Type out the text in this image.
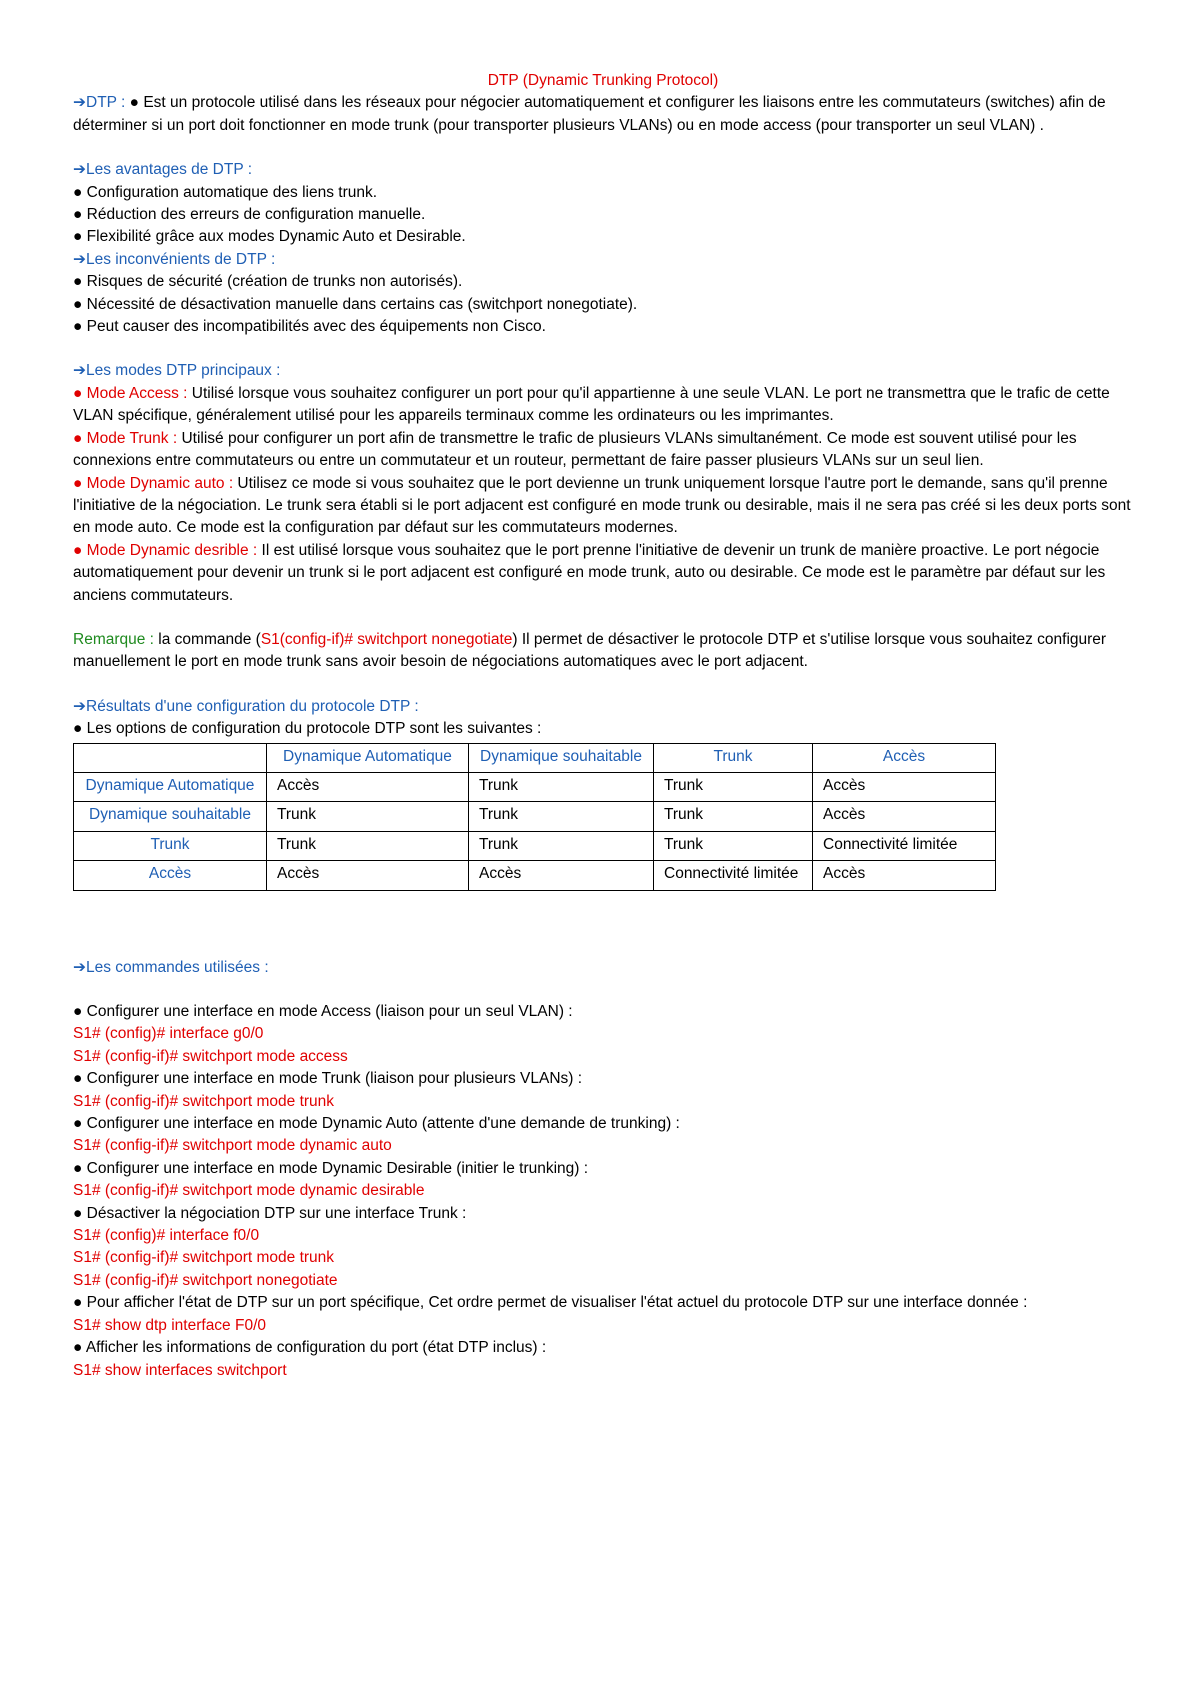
DTP (Dynamic Trunking Protocol)
➔DTP : ● Est un protocole utilisé dans les réseaux pour négocier automatiquement et configurer les liaisons entre les commutateurs (switches) afin de déterminer si un port doit fonctionner en mode trunk (pour transporter plusieurs VLANs) ou en mode access (pour transporter un seul VLAN) .
➔Les avantages de DTP :
● Configuration automatique des liens trunk.
● Réduction des erreurs de configuration manuelle.
● Flexibilité grâce aux modes Dynamic Auto et Desirable.
➔Les inconvénients de DTP :
● Risques de sécurité (création de trunks non autorisés).
● Nécessité de désactivation manuelle dans certains cas (switchport nonegotiate).
● Peut causer des incompatibilités avec des équipements non Cisco.
➔Les modes DTP principaux :
● Mode Access : Utilisé lorsque vous souhaitez configurer un port pour qu'il appartienne à une seule VLAN. Le port ne transmettra que le trafic de cette VLAN spécifique, généralement utilisé pour les appareils terminaux comme les ordinateurs ou les imprimantes.
● Mode Trunk : Utilisé pour configurer un port afin de transmettre le trafic de plusieurs VLANs simultanément. Ce mode est souvent utilisé pour les connexions entre commutateurs ou entre un commutateur et un routeur, permettant de faire passer plusieurs VLANs sur un seul lien.
● Mode Dynamic auto : Utilisez ce mode si vous souhaitez que le port devienne un trunk uniquement lorsque l'autre port le demande, sans qu'il prenne l'initiative de la négociation. Le trunk sera établi si le port adjacent est configuré en mode trunk ou desirable, mais il ne sera pas créé si les deux ports sont en mode auto. Ce mode est la configuration par défaut sur les commutateurs modernes.
● Mode Dynamic desrible : Il est utilisé lorsque vous souhaitez que le port prenne l'initiative de devenir un trunk de manière proactive. Le port négocie automatiquement pour devenir un trunk si le port adjacent est configuré en mode trunk, auto ou desirable. Ce mode est le paramètre par défaut sur les anciens commutateurs.
Remarque : la commande (S1(config-if)# switchport nonegotiate) Il permet de désactiver le protocole DTP et s'utilise lorsque vous souhaitez configurer manuellement le port en mode trunk sans avoir besoin de négociations automatiques avec le port adjacent.
➔Résultats d'une configuration du protocole DTP :
● Les options de configuration du protocole DTP sont les suivantes :
	Dynamique Automatique	Dynamique souhaitable	Trunk	Accès
Dynamique Automatique	Accès	Trunk	Trunk	Accès
Dynamique souhaitable	Trunk	Trunk	Trunk	Accès
Trunk	Trunk	Trunk	Trunk	Connectivité limitée
Accès	Accès	Accès	Connectivité limitée	Accès
➔Les commandes utilisées :
● Configurer une interface en mode Access (liaison pour un seul VLAN) :
S1# (config)# interface g0/0
S1# (config-if)# switchport mode access
● Configurer une interface en mode Trunk (liaison pour plusieurs VLANs) :
S1# (config-if)# switchport mode trunk
● Configurer une interface en mode Dynamic Auto (attente d'une demande de trunking) :
S1# (config-if)# switchport mode dynamic auto
● Configurer une interface en mode Dynamic Desirable (initier le trunking) :
S1# (config-if)# switchport mode dynamic desirable
● Désactiver la négociation DTP sur une interface Trunk :
S1# (config)# interface f0/0
S1# (config-if)# switchport mode trunk
S1# (config-if)# switchport nonegotiate
● Pour afficher l'état de DTP sur un port spécifique, Cet ordre permet de visualiser l'état actuel du protocole DTP sur une interface donnée :
S1# show dtp interface F0/0
● Afficher les informations de configuration du port (état DTP inclus) :
S1# show interfaces switchport
